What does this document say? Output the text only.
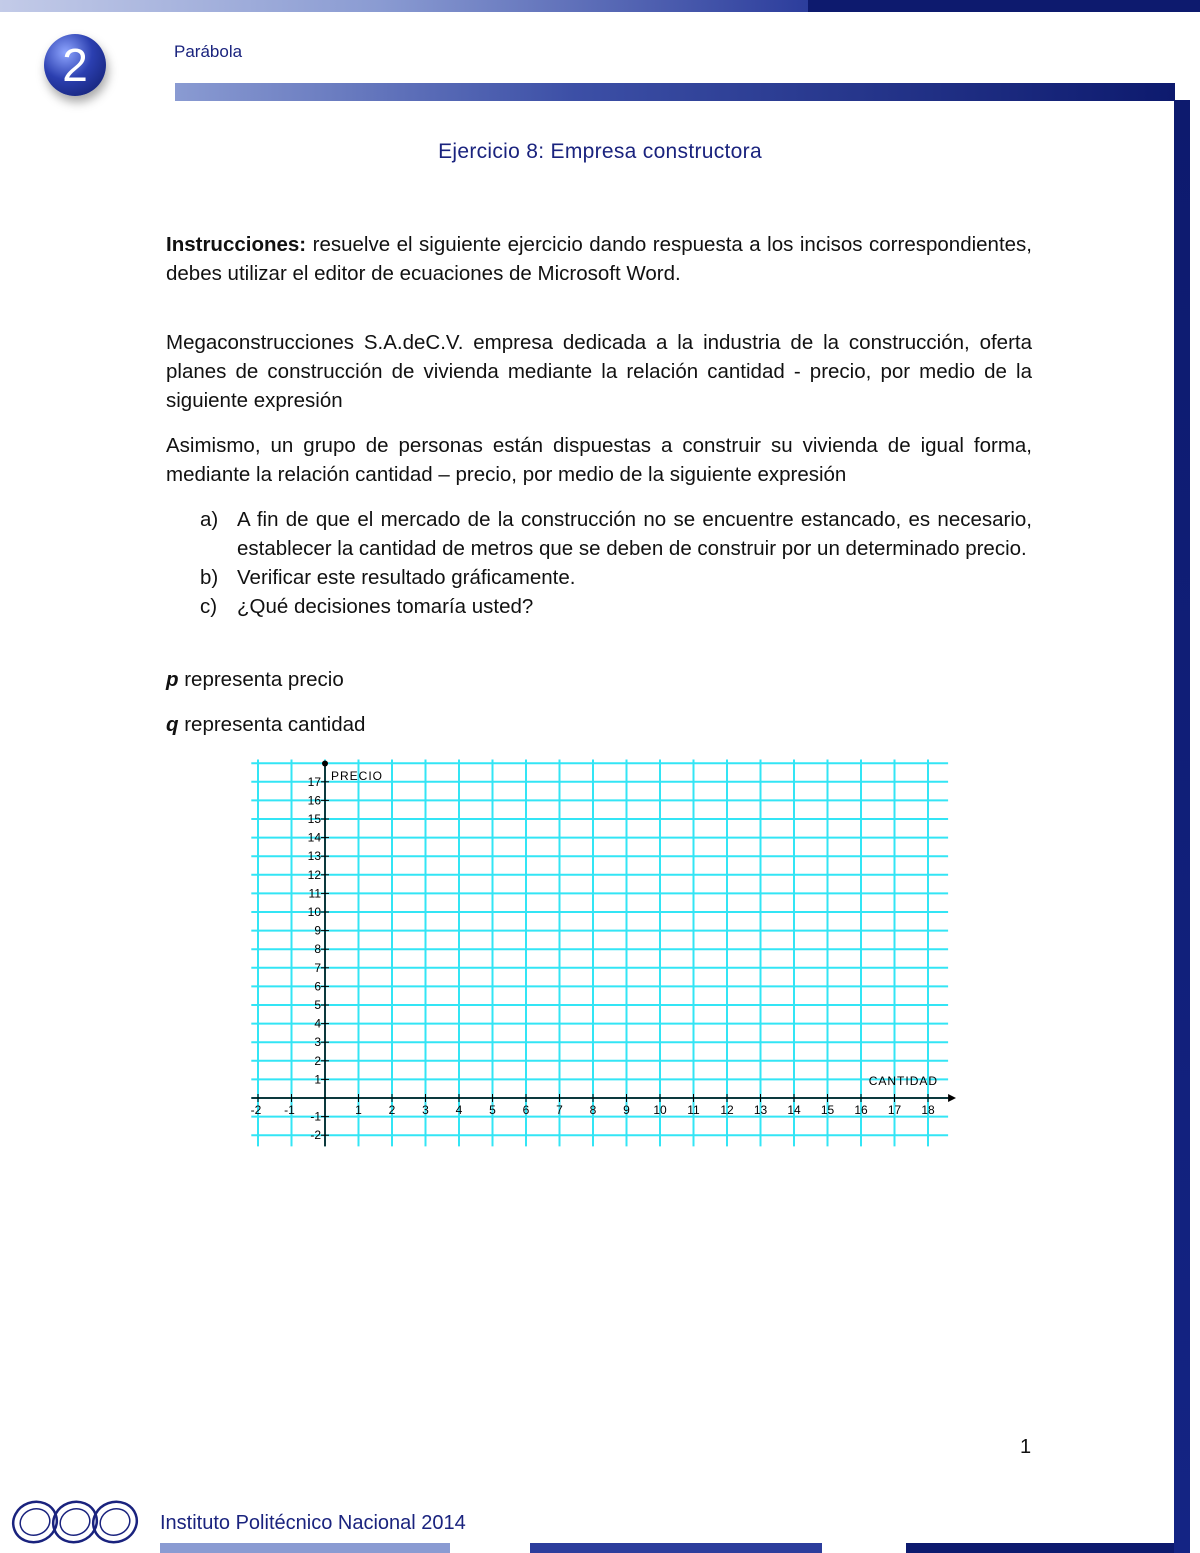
2	Parábola
Ejercicio 8: Empresa constructora
Instrucciones: resuelve el siguiente ejercicio dando respuesta a los incisos correspondientes, debes utilizar el editor de ecuaciones de Microsoft Word.
Megaconstrucciones S.A.deC.V. empresa dedicada a la industria de la construcción, oferta planes de construcción de vivienda mediante la relación cantidad - precio, por medio de la siguiente expresión
Asimismo, un grupo de personas están dispuestas a construir su vivienda de igual forma, mediante la relación cantidad – precio, por medio de la siguiente expresión
a) A fin de que el mercado de la construcción no se encuentre estancado, es necesario, establecer la cantidad de metros que se deben de construir por un determinado precio.
b) Verificar este resultado gráficamente.
c) ¿Qué decisiones tomaría usted?
p representa precio
q representa cantidad
-2 -1	1 2 3 4 5 6 7 8 9 10 11 12 13 14 15 16 17 18
17
16
15
14
13
12
11
10
9
8
7
6
5
4
3
2
1
-1
-2
PRECIO
CANTIDAD
1
Instituto Politécnico Nacional 2014
